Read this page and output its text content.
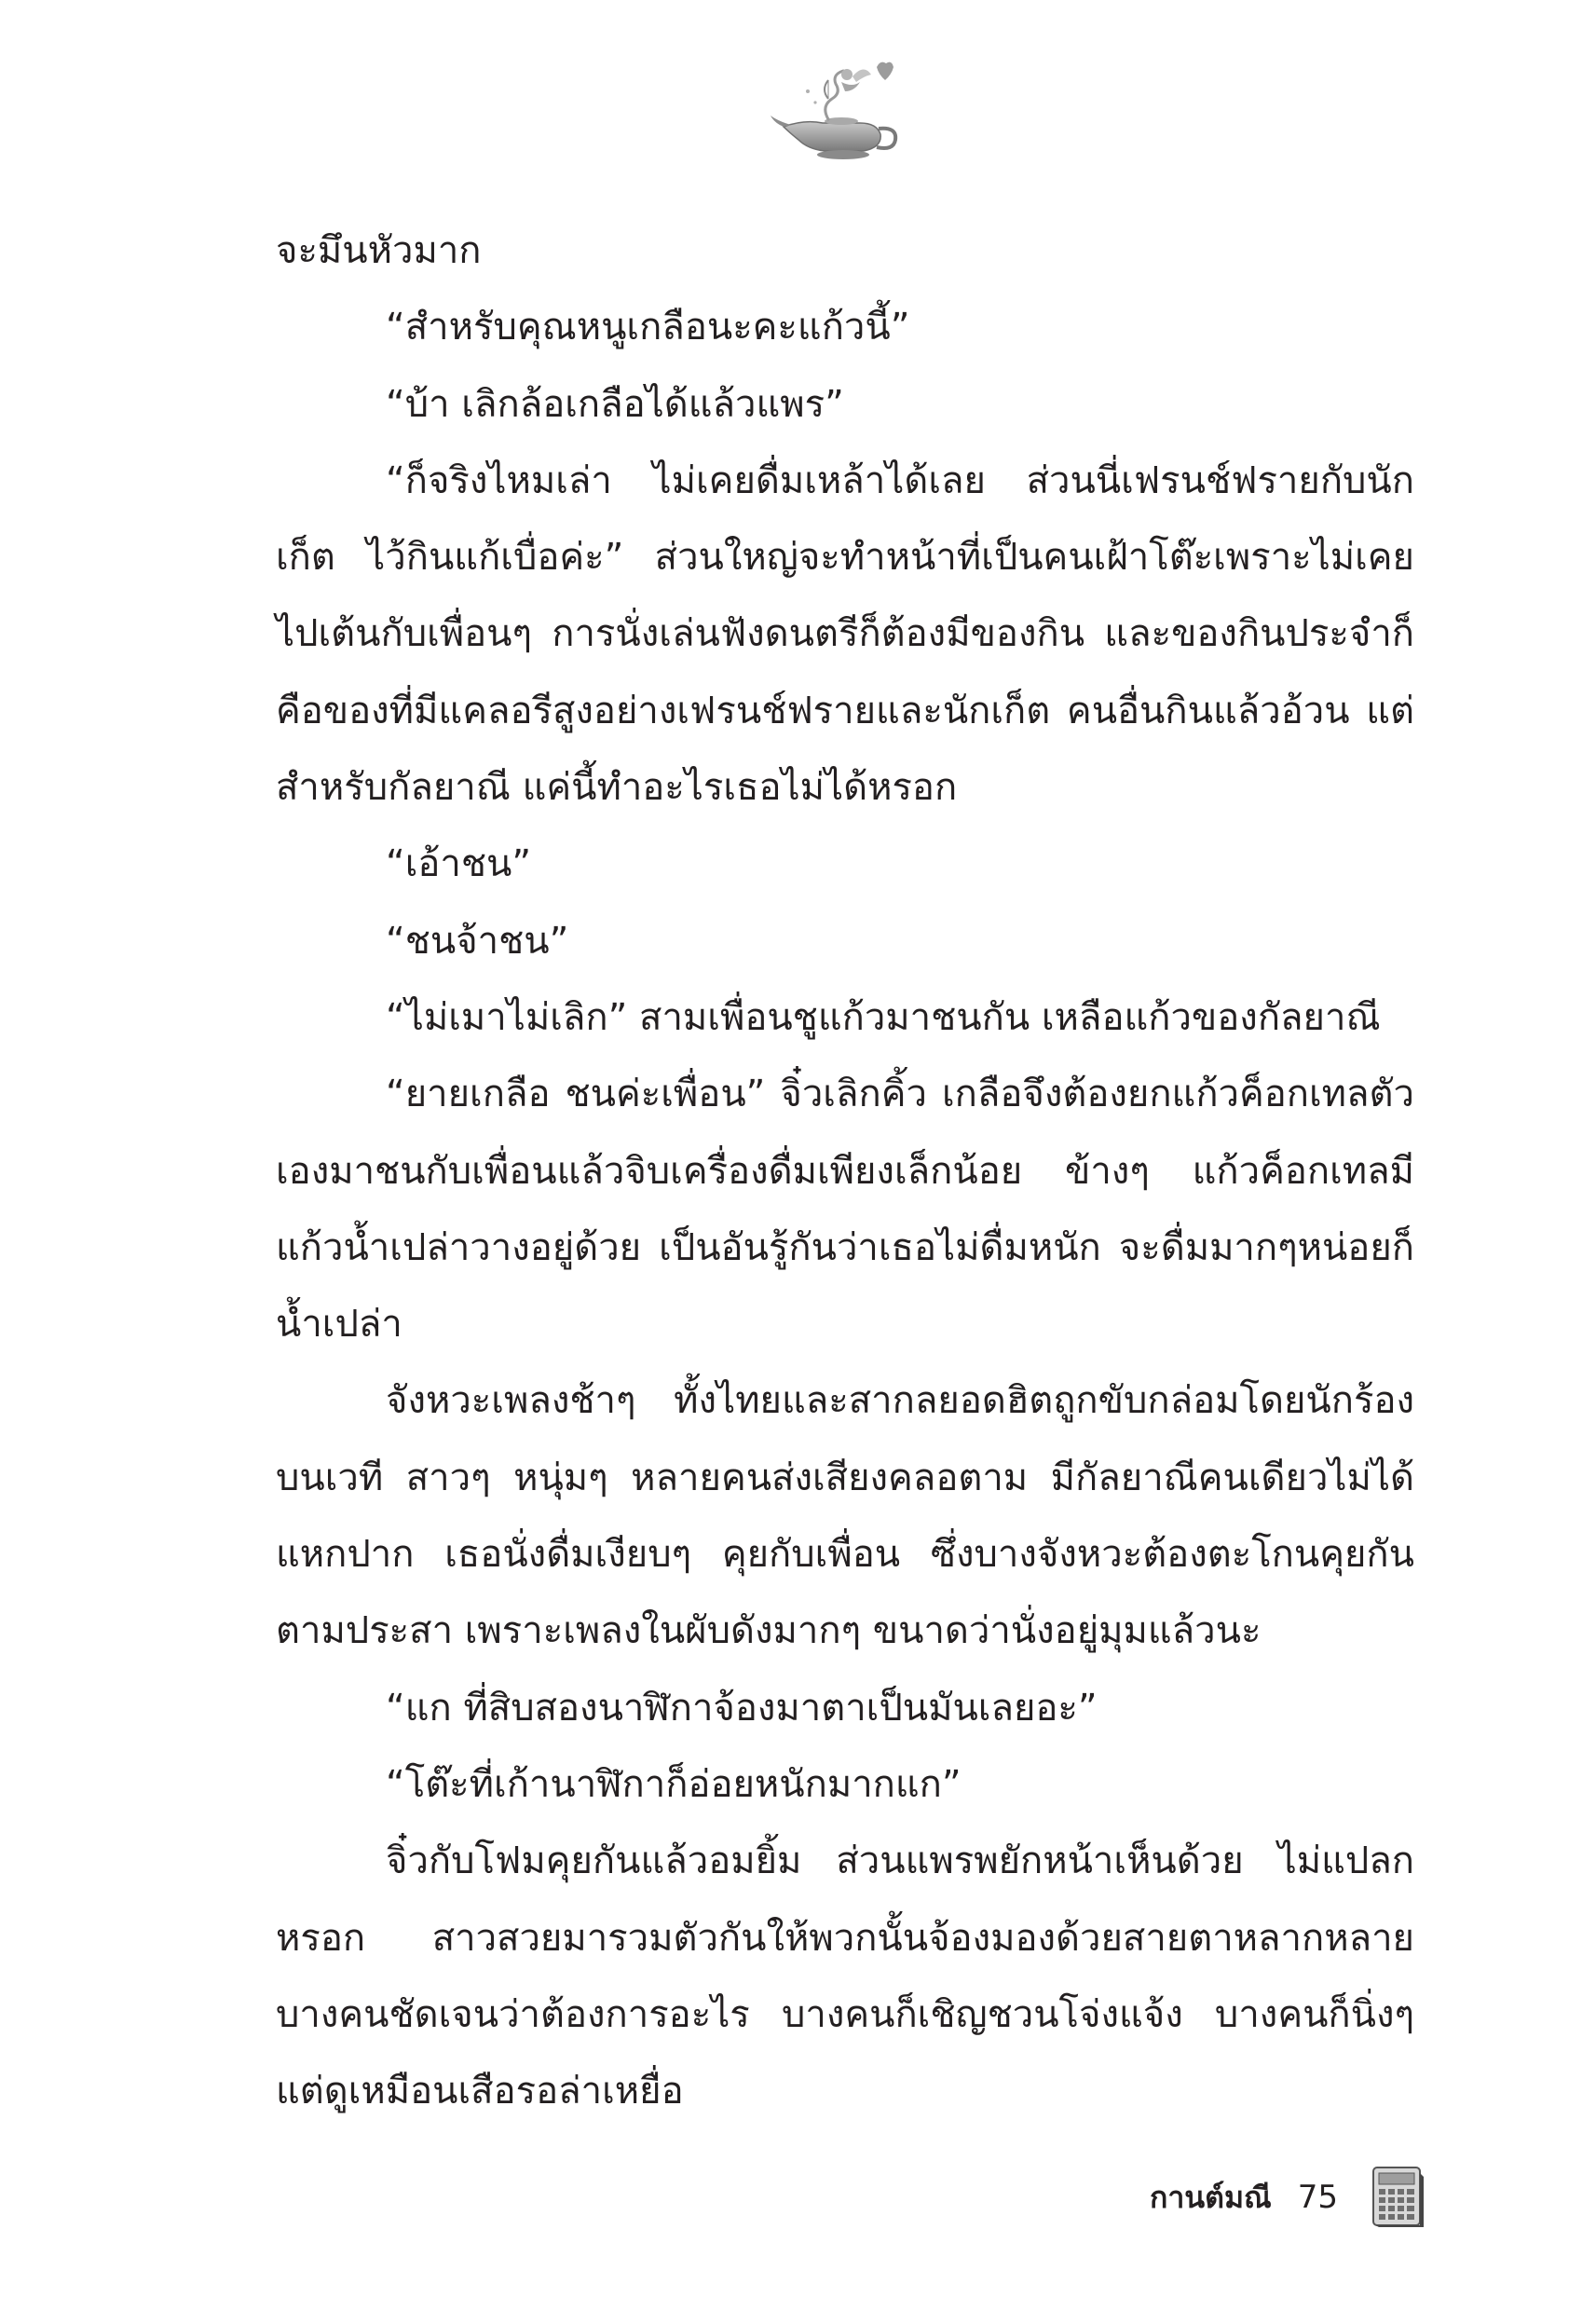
จะมึนหัวมาก

“สำหรับคุณหนูเกลือนะคะแก้วนี้”

“บ้า เลิกล้อเกลือได้แล้วแพร”

“ก็จริงไหมเล่า ไม่เคยดื่มเหล้าได้เลย ส่วนนี่เฟรนช์ฟรายกับนักเก็ต ไว้กินแก้เบื่อค่ะ” ส่วนใหญ่จะทำหน้าที่เป็นคนเฝ้าโต๊ะเพราะไม่เคยไปเต้นกับเพื่อนๆ การนั่งเล่นฟังดนตรีก็ต้องมีของกิน และของกินประจำก็คือของที่มีแคลอรีสูงอย่างเฟรนช์ฟรายและนักเก็ต คนอื่นกินแล้วอ้วน แต่สำหรับกัลยาณี แค่นี้ทำอะไรเธอไม่ได้หรอก

“เอ้าชน”

“ชนจ้าชน”

“ไม่เมาไม่เลิก” สามเพื่อนชูแก้วมาชนกัน เหลือแก้วของกัลยาณี

“ยายเกลือ ชนค่ะเพื่อน” จิ๋วเลิกคิ้ว เกลือจึงต้องยกแก้วค็อกเทลตัวเองมาชนกับเพื่อนแล้วจิบเครื่องดื่มเพียงเล็กน้อย ข้างๆ แก้วค็อกเทลมีแก้วน้ำเปล่าวางอยู่ด้วย เป็นอันรู้กันว่าเธอไม่ดื่มหนัก จะดื่มมากๆหน่อยก็น้ำเปล่า

จังหวะเพลงช้าๆ ทั้งไทยและสากลยอดฮิตถูกขับกล่อมโดยนักร้องบนเวที สาวๆ หนุ่มๆ หลายคนส่งเสียงคลอตาม มีกัลยาณีคนเดียวไม่ได้แหกปาก เธอนั่งดื่มเงียบๆ คุยกับเพื่อน ซึ่งบางจังหวะต้องตะโกนคุยกันตามประสา เพราะเพลงในผับดังมากๆ ขนาดว่านั่งอยู่มุมแล้วนะ

“แก ที่สิบสองนาฬิกาจ้องมาตาเป็นมันเลยอะ”

“โต๊ะที่เก้านาฬิกาก็อ่อยหนักมากแก”

จิ๋วกับโฟมคุยกันแล้วอมยิ้ม ส่วนแพรพยักหน้าเห็นด้วย ไม่แปลกหรอก สาวสวยมารวมตัวกันให้พวกนั้นจ้องมองด้วยสายตาหลากหลายบางคนชัดเจนว่าต้องการอะไร บางคนก็เชิญชวนโจ่งแจ้ง บางคนก็นิ่งๆแต่ดูเหมือนเสือรอล่าเหยื่อ

กานต์มณี 75
